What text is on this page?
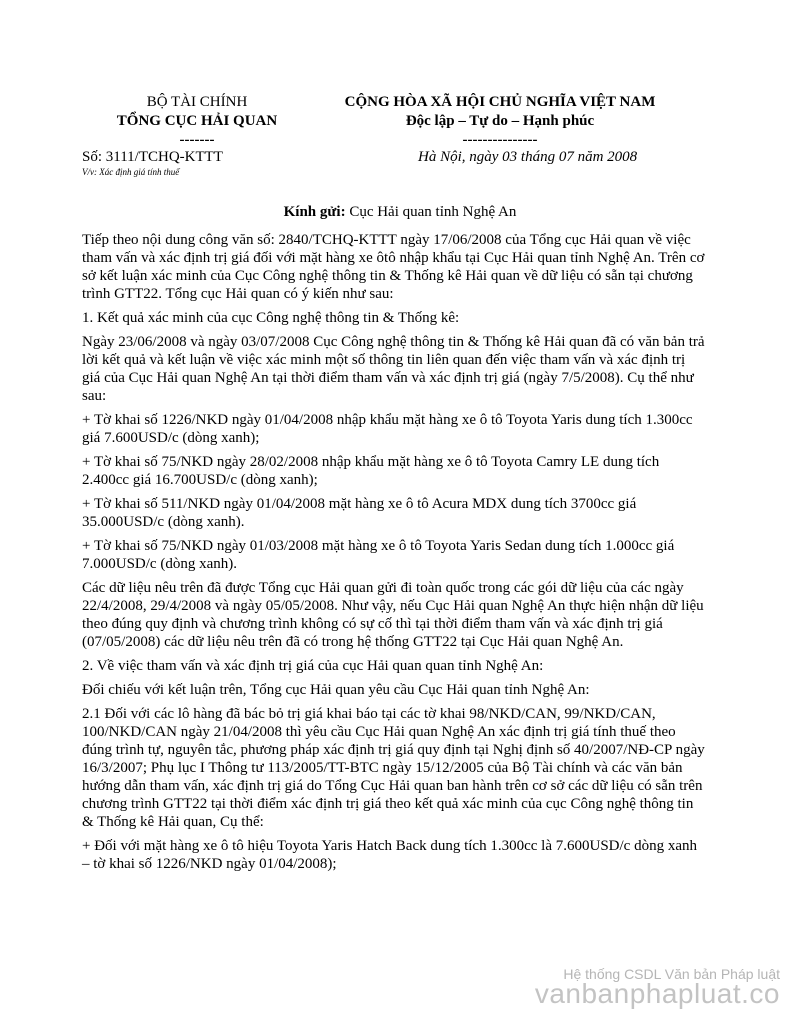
BỘ TÀI CHÍNH
TỔNG CỤC HẢI QUAN
-------
CỘNG HÒA XÃ HỘI CHỦ NGHĨA VIỆT NAM
Độc lập – Tự do – Hạnh phúc
---------------
Số: 3111/TCHQ-KTTT
V/v: Xác định giá tính thuế
Hà Nội, ngày 03 tháng 07 năm 2008
Kính gửi: Cục Hải quan tỉnh Nghệ An

Tiếp theo nội dung công văn số: 2840/TCHQ-KTTT ngày 17/06/2008 của Tổng cục Hải quan về việc tham vấn và xác định trị giá đối với mặt hàng xe ôtô nhập khẩu tại Cục Hải quan tỉnh Nghệ An. Trên cơ sở kết luận xác minh của Cục Công nghệ thông tin & Thống kê Hải quan về dữ liệu có sẵn tại chương trình GTT22. Tổng cục Hải quan có ý kiến như sau:

1. Kết quả xác minh của cục Công nghệ thông tin & Thống kê:

Ngày 23/06/2008 và ngày 03/07/2008 Cục Công nghệ thông tin & Thống kê Hải quan đã có văn bản trả lời kết quả và kết luận về việc xác minh một số thông tin liên quan đến việc tham vấn và xác định trị giá của Cục Hải quan Nghệ An tại thời điểm tham vấn và xác định trị giá (ngày 7/5/2008). Cụ thể như sau:

+ Tờ khai số 1226/NKD ngày 01/04/2008 nhập khẩu mặt hàng xe ô tô Toyota Yaris dung tích 1.300cc giá 7.600USD/c (dòng xanh);

+ Tờ khai số 75/NKD ngày 28/02/2008 nhập khẩu mặt hàng xe ô tô Toyota Camry LE dung tích 2.400cc giá 16.700USD/c (dòng xanh);

+ Tờ khai số 511/NKD ngày 01/04/2008 mặt hàng xe ô tô Acura MDX dung tích 3700cc giá 35.000USD/c (dòng xanh).

+ Tờ khai số 75/NKD ngày 01/03/2008 mặt hàng xe ô tô Toyota Yaris Sedan dung tích 1.000cc giá 7.000USD/c (dòng xanh).

Các dữ liệu nêu trên đã được Tổng cục Hải quan gửi đi toàn quốc trong các gói dữ liệu của các ngày 22/4/2008, 29/4/2008 và ngày 05/05/2008. Như vậy, nếu Cục Hải quan Nghệ An thực hiện nhận dữ liệu theo đúng quy định và chương trình không có sự cố thì tại thời điểm tham vấn và xác định trị giá (07/05/2008) các dữ liệu nêu trên đã có trong hệ thống GTT22 tại Cục Hải quan Nghệ An.

2. Về việc tham vấn và xác định trị giá của cục Hải quan quan tỉnh Nghệ An:

Đối chiếu với kết luận trên, Tổng cục Hải quan yêu cầu Cục Hải quan tỉnh Nghệ An:

2.1 Đối với các lô hàng đã bác bỏ trị giá khai báo tại các tờ khai 98/NKD/CAN, 99/NKD/CAN, 100/NKD/CAN ngày 21/04/2008 thì yêu cầu Cục Hải quan Nghệ An xác định trị giá tính thuế theo đúng trình tự, nguyên tắc, phương pháp xác định trị giá quy định tại Nghị định số 40/2007/NĐ-CP ngày 16/3/2007; Phụ lục I Thông tư 113/2005/TT-BTC ngày 15/12/2005 của Bộ Tài chính và các văn bản hướng dẫn tham vấn, xác định trị giá do Tổng Cục Hải quan ban hành trên cơ sở các dữ liệu có sẵn trên chương trình GTT22 tại thời điểm xác định trị giá theo kết quả xác minh của cục Công nghệ thông tin & Thống kê Hải quan, Cụ thể:

+ Đối với mặt hàng xe ô tô hiệu Toyota Yaris Hatch Back dung tích 1.300cc là 7.600USD/c dòng xanh – tờ khai số 1226/NKD ngày 01/04/2008);

Hệ thống CSDL Văn bản Pháp luật
vanbanphapluat.co
